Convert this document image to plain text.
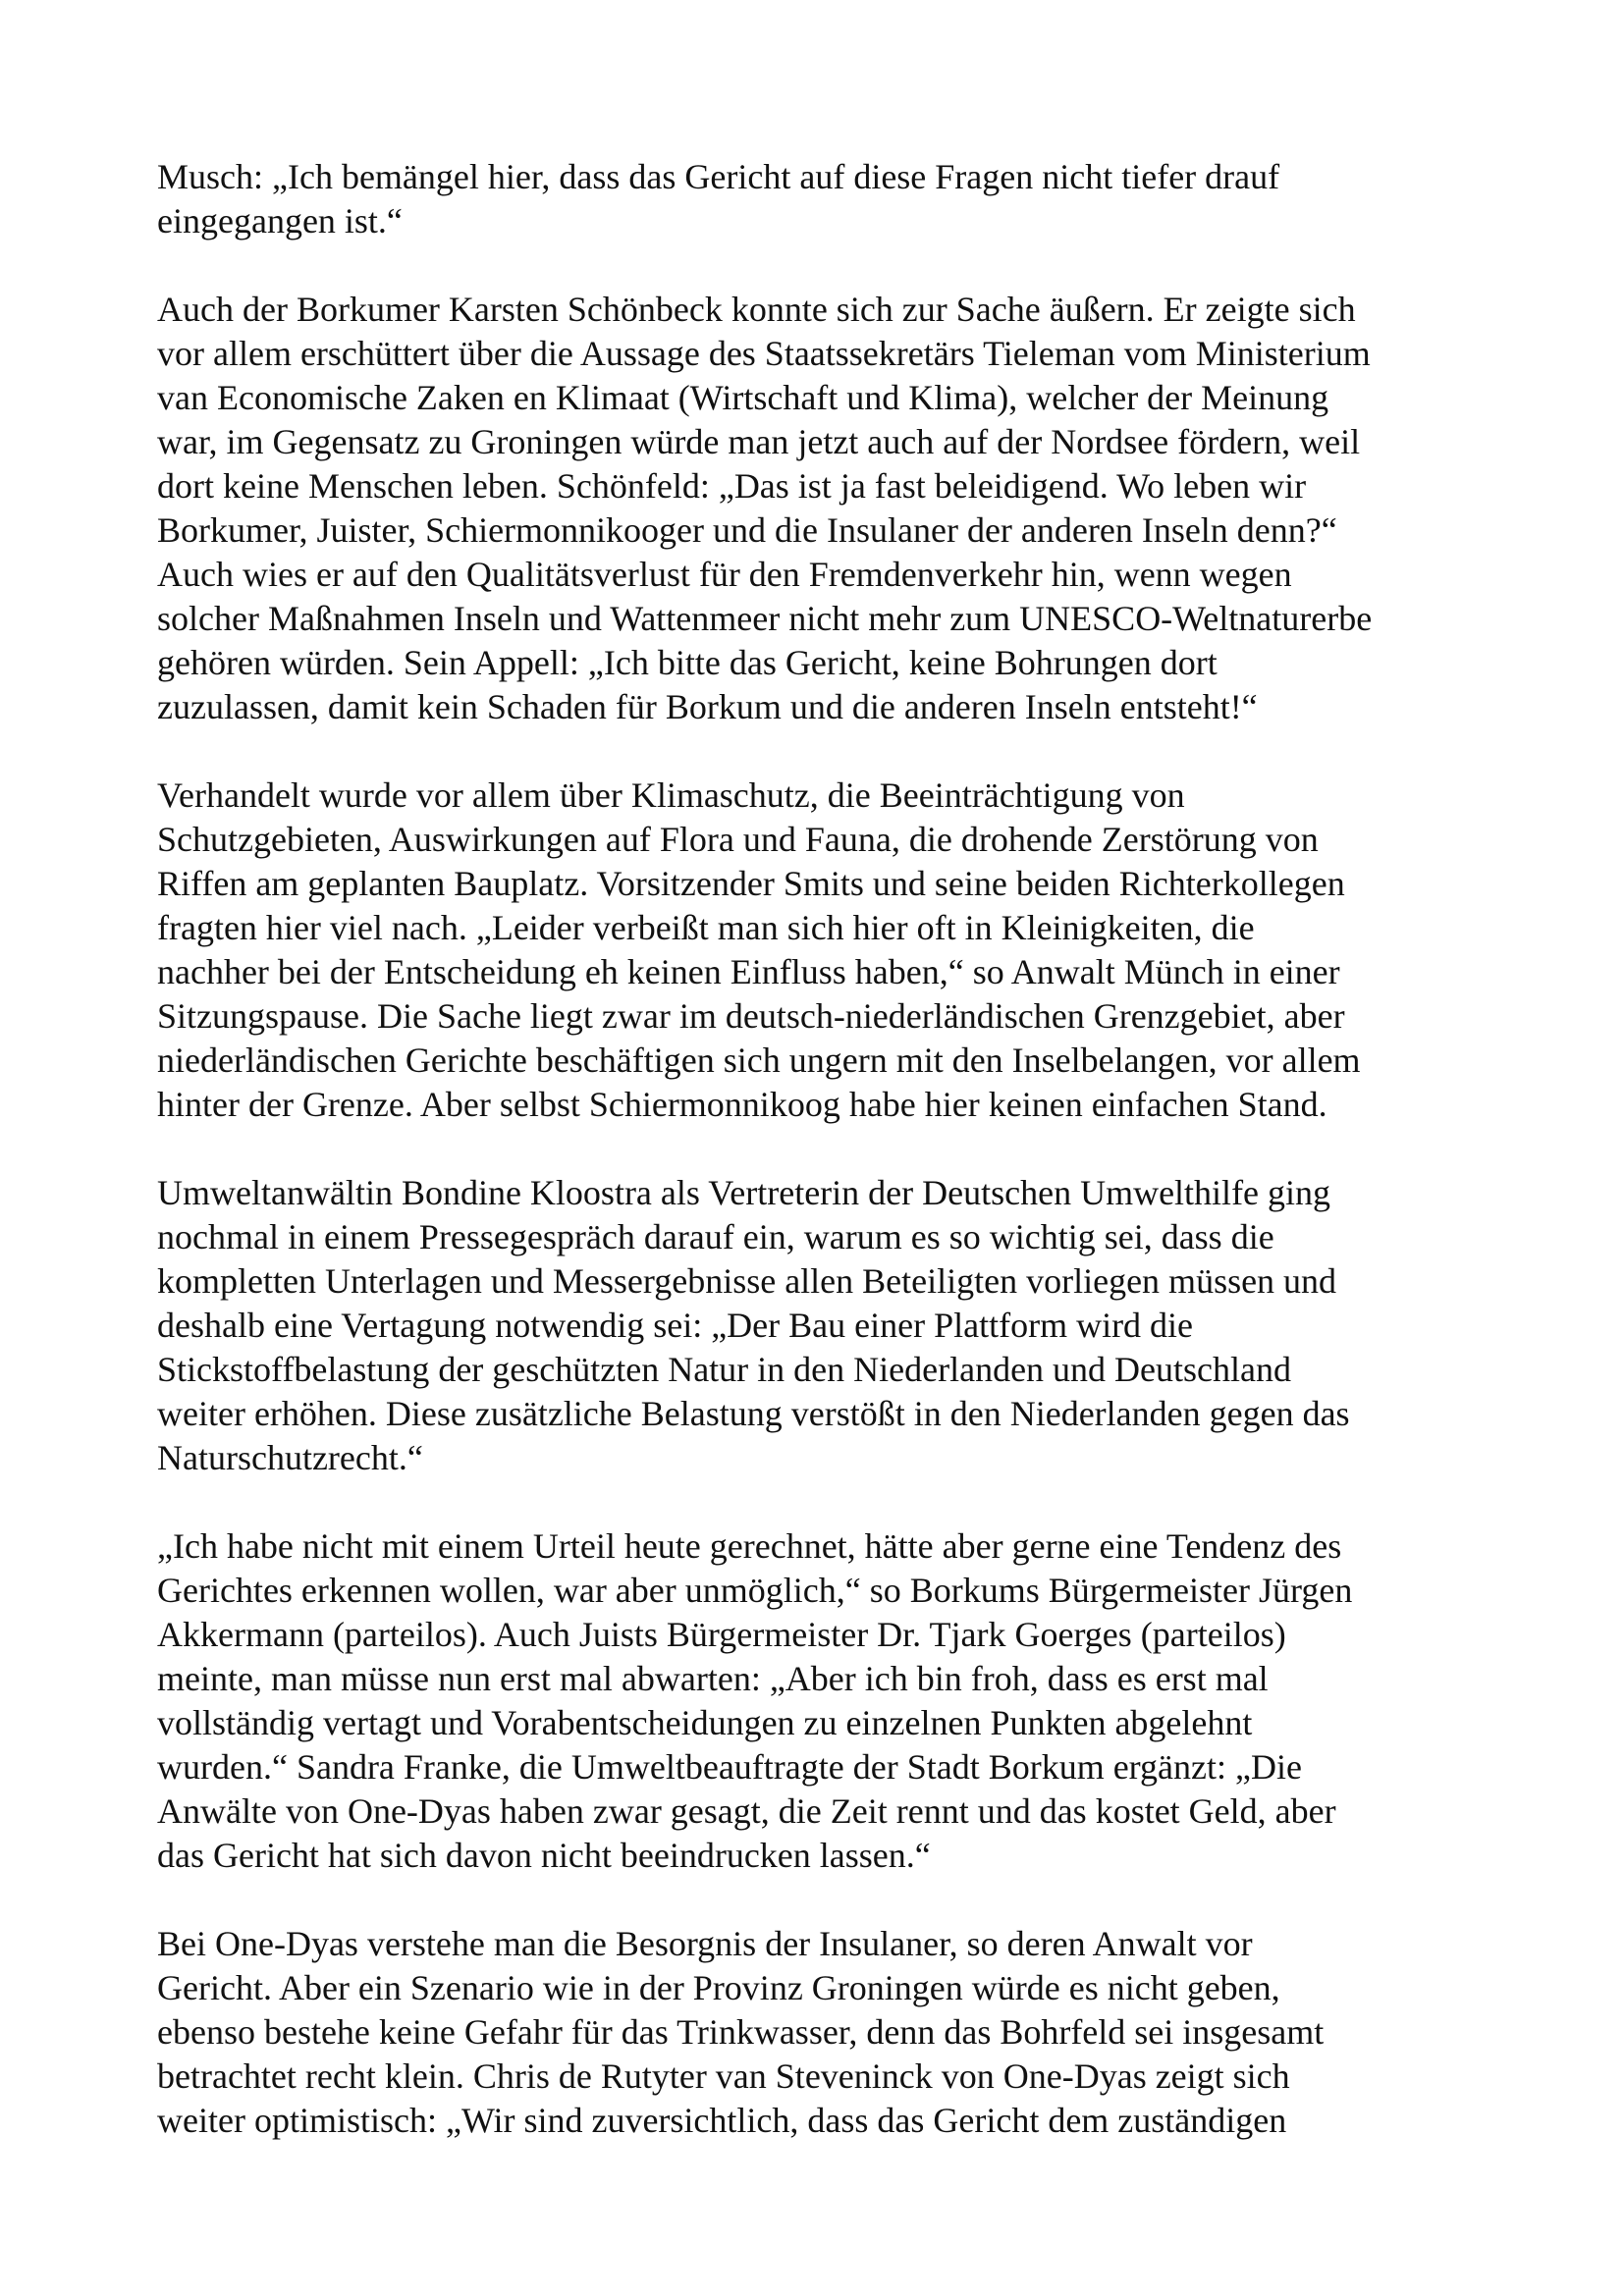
Musch: „Ich bemängel hier, dass das Gericht auf diese Fragen nicht tiefer drauf
eingegangen ist.“

Auch der Borkumer Karsten Schönbeck konnte sich zur Sache äußern. Er zeigte sich
vor allem erschüttert über die Aussage des Staatssekretärs Tieleman vom Ministerium
van Economische Zaken en Klimaat (Wirtschaft und Klima), welcher der Meinung
war, im Gegensatz zu Groningen würde man jetzt auch auf der Nordsee fördern, weil
dort keine Menschen leben. Schönfeld: „Das ist ja fast beleidigend. Wo leben wir
Borkumer, Juister, Schiermonnikooger und die Insulaner der anderen Inseln denn?“
Auch wies er auf den Qualitätsverlust für den Fremdenverkehr hin, wenn wegen
solcher Maßnahmen Inseln und Wattenmeer nicht mehr zum UNESCO-Weltnaturerbe
gehören würden. Sein Appell: „Ich bitte das Gericht, keine Bohrungen dort
zuzulassen, damit kein Schaden für Borkum und die anderen Inseln entsteht!“

Verhandelt wurde vor allem über Klimaschutz, die Beeinträchtigung von
Schutzgebieten, Auswirkungen auf Flora und Fauna, die drohende Zerstörung von
Riffen am geplanten Bauplatz. Vorsitzender Smits und seine beiden Richterkollegen
fragten hier viel nach. „Leider verbeißt man sich hier oft in Kleinigkeiten, die
nachher bei der Entscheidung eh keinen Einfluss haben,“ so Anwalt Münch in einer
Sitzungspause. Die Sache liegt zwar im deutsch-niederländischen Grenzgebiet, aber
niederländischen Gerichte beschäftigen sich ungern mit den Inselbelangen, vor allem
hinter der Grenze. Aber selbst Schiermonnikoog habe hier keinen einfachen Stand.

Umweltanwältin Bondine Kloostra als Vertreterin der Deutschen Umwelthilfe ging
nochmal in einem Pressegespräch darauf ein, warum es so wichtig sei, dass die
kompletten Unterlagen und Messergebnisse allen Beteiligten vorliegen müssen und
deshalb eine Vertagung notwendig sei: „Der Bau einer Plattform wird die
Stickstoffbelastung der geschützten Natur in den Niederlanden und Deutschland
weiter erhöhen. Diese zusätzliche Belastung verstößt in den Niederlanden gegen das
Naturschutzrecht.“

„Ich habe nicht mit einem Urteil heute gerechnet, hätte aber gerne eine Tendenz des
Gerichtes erkennen wollen, war aber unmöglich,“ so Borkums Bürgermeister Jürgen
Akkermann (parteilos). Auch Juists Bürgermeister Dr. Tjark Goerges (parteilos)
meinte, man müsse nun erst mal abwarten: „Aber ich bin froh, dass es erst mal
vollständig vertagt und Vorabentscheidungen zu einzelnen Punkten abgelehnt
wurden.“ Sandra Franke, die Umweltbeauftragte der Stadt Borkum ergänzt: „Die
Anwälte von One-Dyas haben zwar gesagt, die Zeit rennt und das kostet Geld, aber
das Gericht hat sich davon nicht beeindrucken lassen.“

Bei One-Dyas verstehe man die Besorgnis der Insulaner, so deren Anwalt vor
Gericht. Aber ein Szenario wie in der Provinz Groningen würde es nicht geben,
ebenso bestehe keine Gefahr für das Trinkwasser, denn das Bohrfeld sei insgesamt
betrachtet recht klein. Chris de Rutyter van Steveninck von One-Dyas zeigt sich
weiter optimistisch: „Wir sind zuversichtlich, dass das Gericht dem zuständigen
